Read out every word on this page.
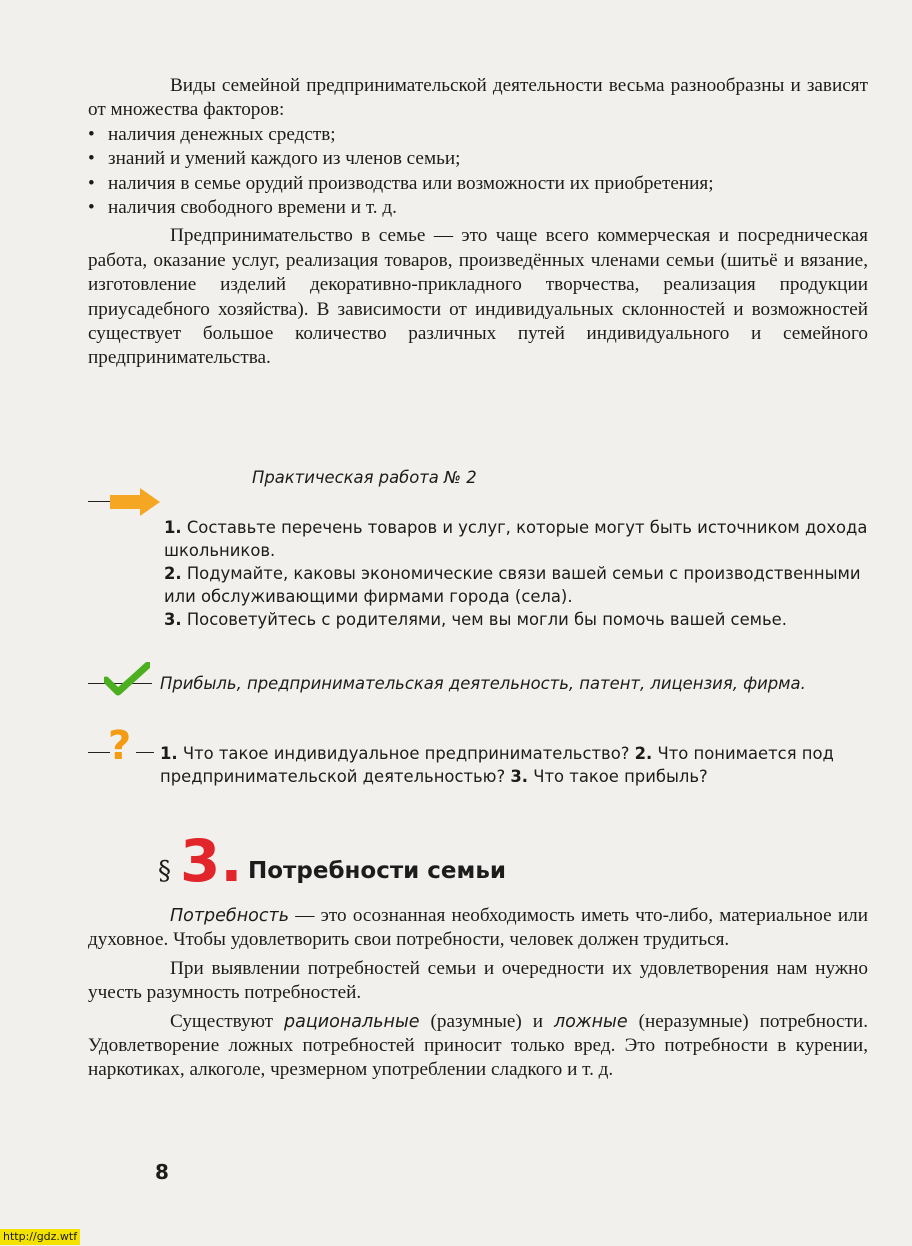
Виды семейной предпринимательской деятельности весьма разнообразны и зависят от множества факторов:

• наличия денежных средств;

• знаний и умений каждого из членов семьи;

• наличия в семье орудий производства или возможности их приобретения;

• наличия свободного времени и т. д.

Предпринимательство в семье — это чаще всего коммерческая и посредническая работа, оказание услуг, реализация товаров, произведённых членами семьи (шитьё и вязание, изготовление изделий декоративно-прикладного творчества, реализация продукции приусадебного хозяйства). В зависимости от индивидуальных склонностей и возможностей существует большое количество различных путей индивидуального и семейного предпринимательства.

Практическая работа № 2

1. Составьте перечень товаров и услуг, которые могут быть источником дохода школьников.

2. Подумайте, каковы экономические связи вашей семьи с производственными или обслуживающими фирмами города (села).

3. Посоветуйтесь с родителями, чем вы могли бы помочь вашей семье.

Прибыль, предпринимательская деятельность, патент, лицензия, фирма.
? 1. Что такое индивидуальное предпринимательство? 2. Что понимается под предпринимательской деятельностью? 3. Что такое прибыль?
§ 3. Потребности семьи

Потребность — это осознанная необходимость иметь что-либо, материальное или духовное. Чтобы удовлетворить свои потребности, человек должен трудиться.

При выявлении потребностей семьи и очередности их удовлетворения нам нужно учесть разумность потребностей.

Существуют рациональные (разумные) и ложные (неразумные) потребности. Удовлетворение ложных потребностей приносит только вред. Это потребности в курении, наркотиках, алкоголе, чрезмерном употреблении сладкого и т. д.

8
http://gdz.wtf
